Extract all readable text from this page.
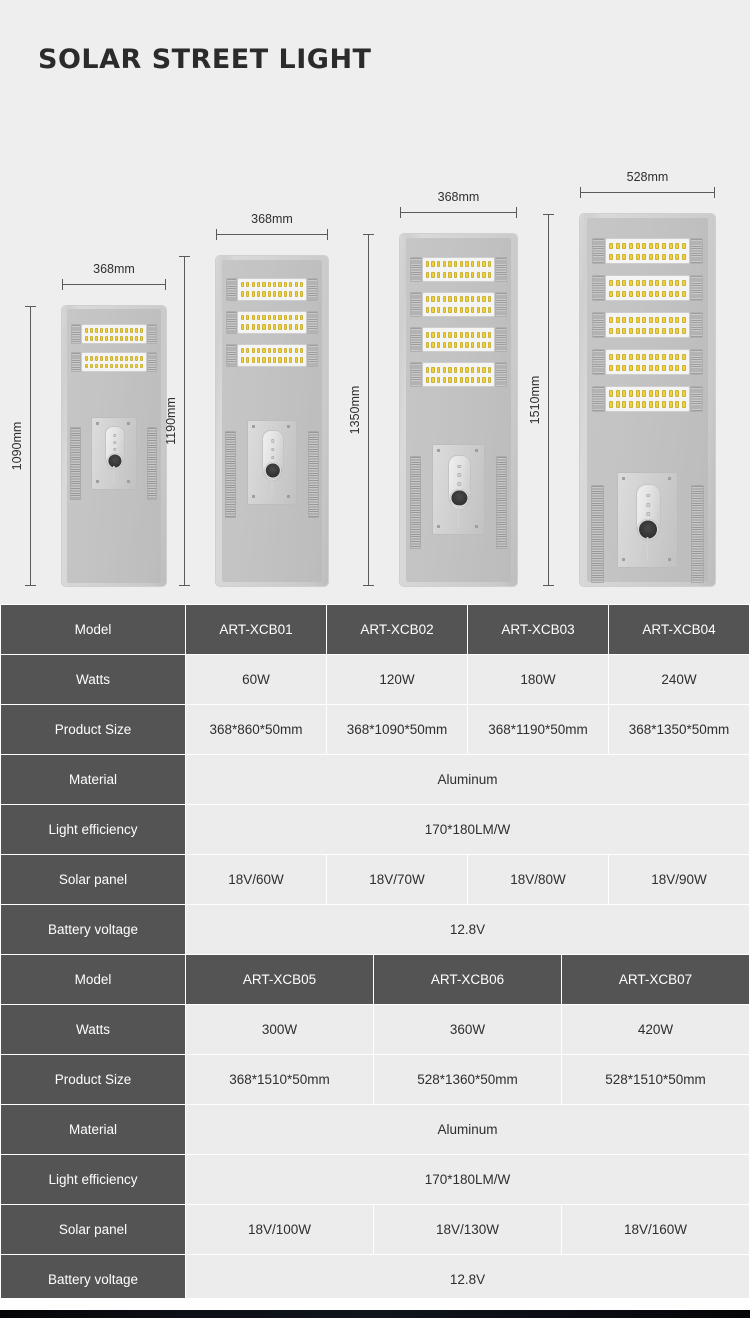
SOLAR STREET LIGHT
368mm
1090mm
368mm
1190mm
368mm
1350mm
528mm
1510mm
Model	ART-XCB01	ART-XCB02	ART-XCB03	ART-XCB04
Watts	60W	120W	180W	240W
Product Size	368*860*50mm	368*1090*50mm	368*1190*50mm	368*1350*50mm
Material	Aluminum			
Light efficiency	170*180LM/W			
Solar panel	18V/60W	18V/70W	18V/80W	18V/90W
Battery voltage	12.8V			
Model	ART-XCB05	ART-XCB06	ART-XCB07
Watts	300W	360W	420W
Product Size	368*1510*50mm	528*1360*50mm	528*1510*50mm
Material	Aluminum		
Light efficiency	170*180LM/W		
Solar panel	18V/100W	18V/130W	18V/160W
Battery voltage	12.8V		
